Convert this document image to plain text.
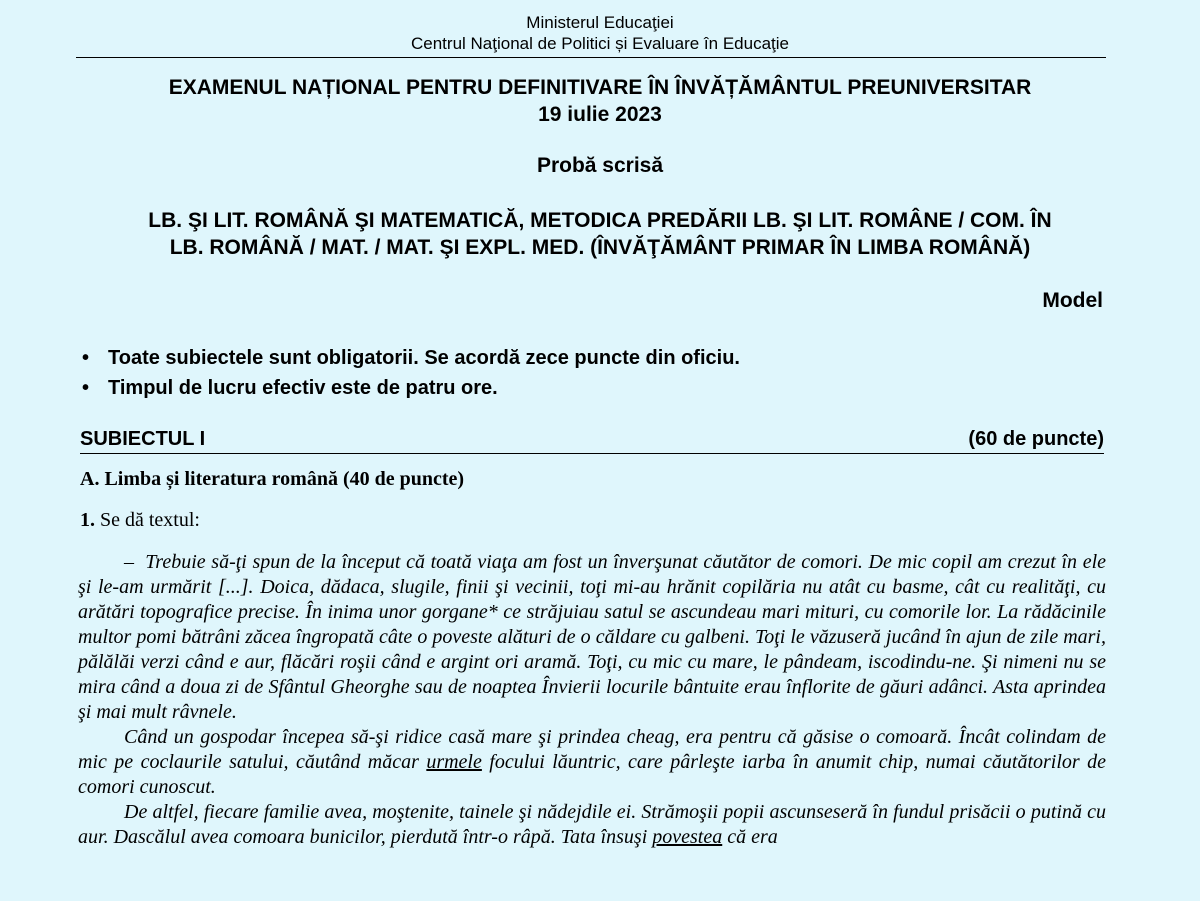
Ministerul Educaţiei
Centrul Naţional de Politici și Evaluare în Educaţie
EXAMENUL NAȚIONAL PENTRU DEFINITIVARE ÎN ÎNVĂȚĂMÂNTUL PREUNIVERSITAR
19 iulie 2023
Probă scrisă
LB. ŞI LIT. ROMÂNĂ ŞI MATEMATICĂ, METODICA PREDĂRII LB. ŞI LIT. ROMÂNE / COM. ÎN
LB. ROMÂNĂ / MAT. / MAT. ŞI EXPL. MED. (ÎNVĂŢĂMÂNT PRIMAR ÎN LIMBA ROMÂNĂ)
Model
• Toate subiectele sunt obligatorii. Se acordă zece puncte din oficiu.
• Timpul de lucru efectiv este de patru ore.
SUBIECTUL I	(60 de puncte)
A. Limba și literatura română (40 de puncte)
1. Se dă textul:

– Trebuie să-ţi spun de la început că toată viaţa am fost un înverşunat căutător de comori. De mic copil am crezut în ele şi le-am urmărit [...]. Doica, dădaca, slugile, finii şi vecinii, toţi mi-au hrănit copilăria nu atât cu basme, cât cu realităţi, cu arătări topografice precise. În inima unor gorgane* ce străjuiau satul se ascundeau mari mituri, cu comorile lor. La rădăcinile multor pomi bătrâni zăcea îngropată câte o poveste alături de o căldare cu galbeni. Toţi le văzuseră jucând în ajun de zile mari, pălălăi verzi când e aur, flăcări roşii când e argint ori aramă. Toţi, cu mic cu mare, le pândeam, iscodindu-ne. Şi nimeni nu se mira când a doua zi de Sfântul Gheorghe sau de noaptea Învierii locurile bântuite erau înflorite de găuri adânci. Asta aprindea şi mai mult râvnele.

Când un gospodar începea să-şi ridice casă mare şi prindea cheag, era pentru că găsise o comoară. Încât colindam de mic pe coclaurile satului, căutând măcar urmele focului lăuntric, care pârleşte iarba în anumit chip, numai căutătorilor de comori cunoscut.

De altfel, fiecare familie avea, moştenite, tainele şi nădejdile ei. Strămoşii popii ascunseseră în fundul prisăcii o putină cu aur. Dascălul avea comoara bunicilor, pierdută într-o râpă. Tata însuşi povestea că era
